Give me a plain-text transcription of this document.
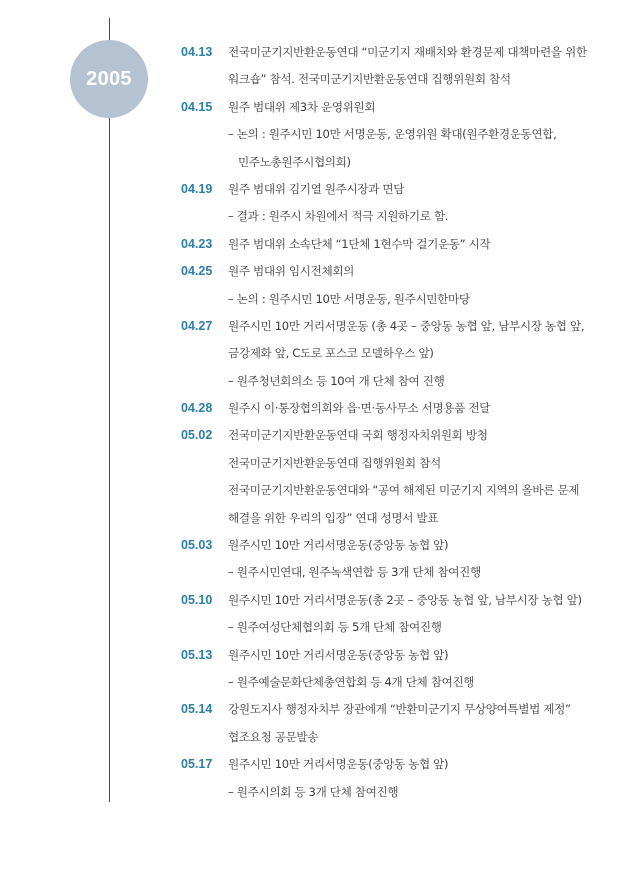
2005
04.13 전국미군기지반환운동연대 “미군기지 재배치와 환경문제 대책마련을 위한
워크숍” 참석. 전국미군기지반환운동연대 집행위원회 참석
04.15 원주 범대위 제3차 운영위원회
– 논의 : 원주시민 10만 서명운동, 운영위원 확대(원주환경운동연합,
민주노총원주시협의회)
04.19 원주 범대위 김기열 원주시장과 면담
– 결과 : 원주시 차원에서 적극 지원하기로 함.
04.23 원주 범대위 소속단체 “1단체 1현수막 걸기운동” 시작
04.25 원주 범대위 임시전체회의
– 논의 : 원주시민 10만 서명운동, 원주시민한마당
04.27 원주시민 10만 거리서명운동 (총 4곳 – 중앙동 농협 앞, 남부시장 농협 앞,
금강제화 앞, C도로 포스코 모델하우스 앞)
– 원주청년회의소 등 10여 개 단체 참여 진행
04.28 원주시 이·통장협의회와 읍·면·동사무소 서명용품 전달
05.02 전국미군기지반환운동연대 국회 행정자치위원회 방청
전국미군기지반환운동연대 집행위원회 참석
전국미군기지반환운동연대와 “공여 해제된 미군기지 지역의 올바른 문제
해결을 위한 우리의 입장” 연대 성명서 발표
05.03 원주시민 10만 거리서명운동(중앙동 농협 앞)
– 원주시민연대, 원주녹색연합 등 3개 단체 참여진행
05.10 원주시민 10만 거리서명운동(총 2곳 – 중앙동 농협 앞, 남부시장 농협 앞)
– 원주여성단체협의회 등 5개 단체 참여진행
05.13 원주시민 10만 거리서명운동(중앙동 농협 앞)
– 원주예술문화단체총연합회 등 4개 단체 참여진행
05.14 강원도지사 행정자치부 장관에게 “반환미군기지 무상양여특별법 제정”
협조요청 공문발송
05.17 원주시민 10만 거리서명운동(중앙동 농협 앞)
– 원주시의회 등 3개 단체 참여진행
